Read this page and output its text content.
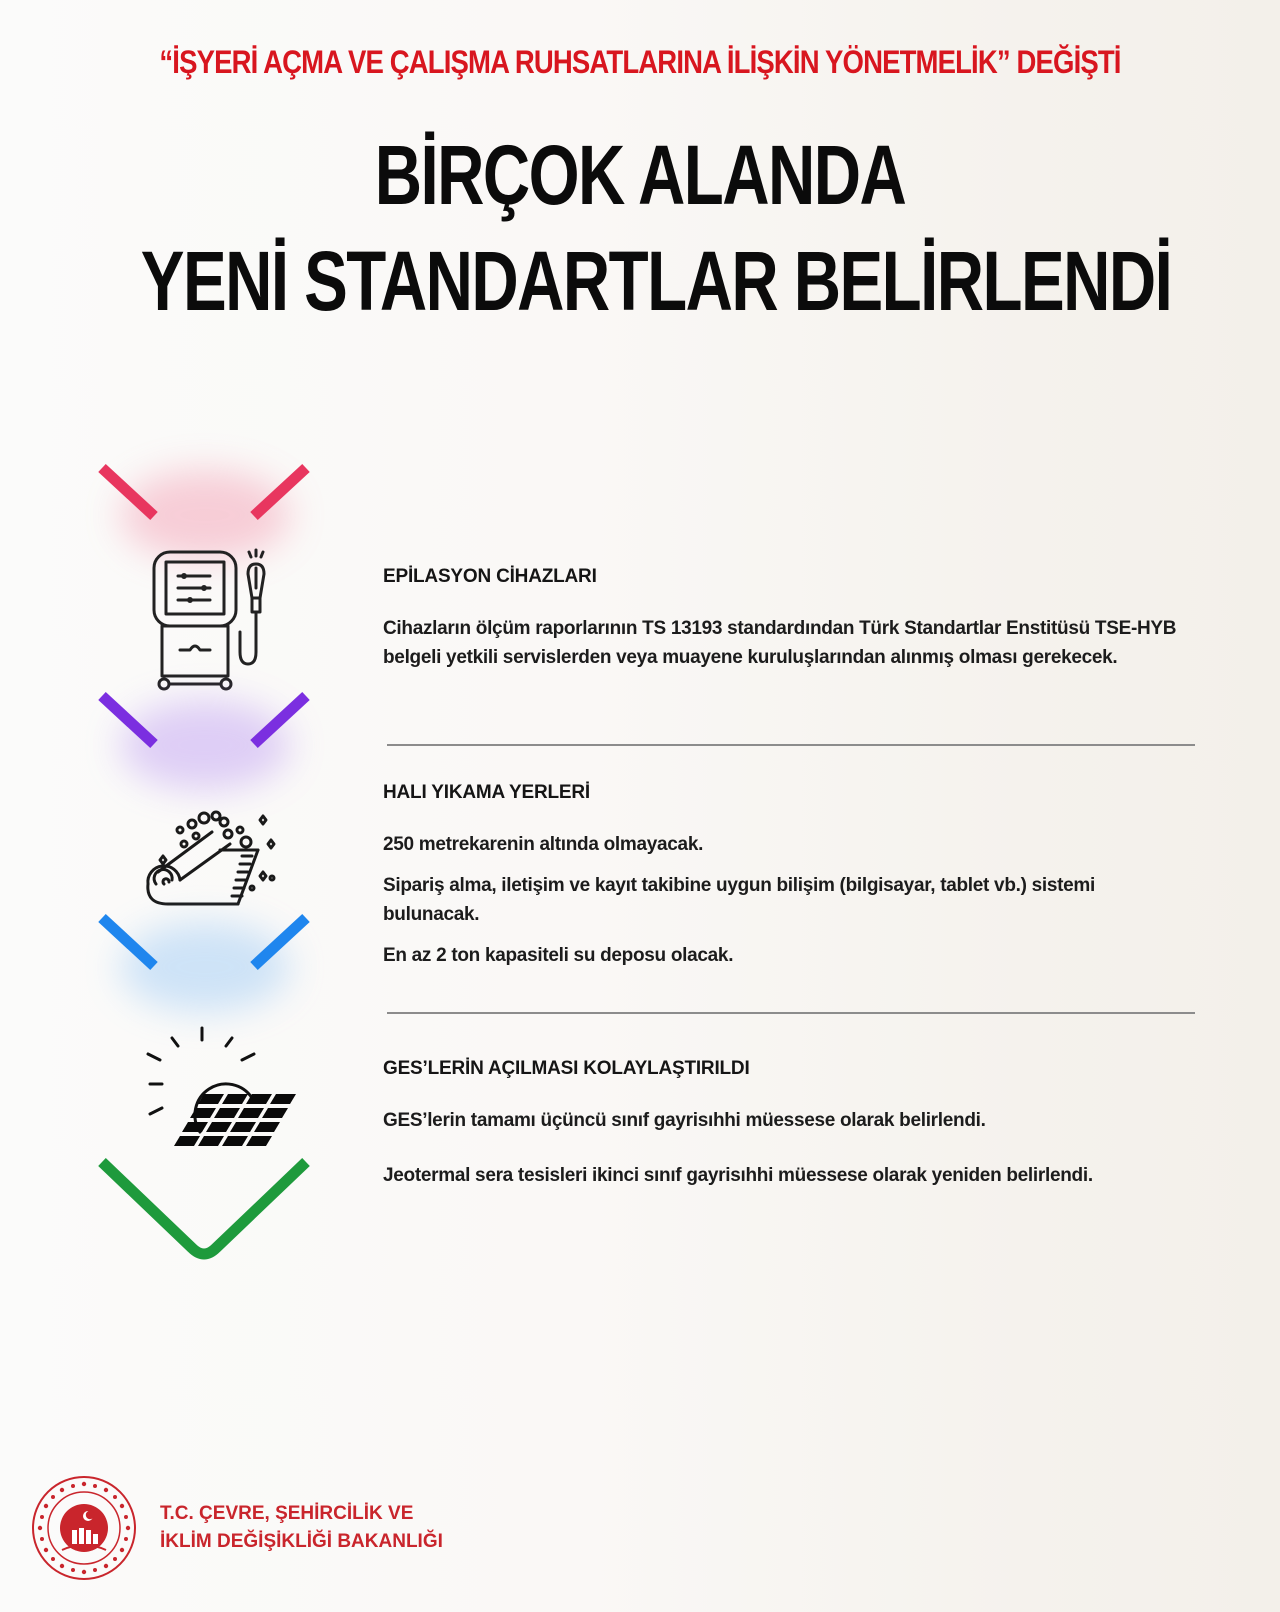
“İŞYERİ AÇMA VE ÇALIŞMA RUHSATLARINA İLİŞKİN YÖNETMELİK” DEĞİŞTİ
BİRÇOK ALANDA
YENİ STANDARTLAR BELİRLENDİ
EPİLASYON CİHAZLARI
Cihazların ölçüm raporlarının TS 13193 standardından Türk Standartlar Enstitüsü TSE-HYB belgeli yetkili servislerden veya muayene kuruluşlarından alınmış olması gerekecek.
HALI YIKAMA YERLERİ
250 metrekarenin altında olmayacak.
Sipariş alma, iletişim ve kayıt takibine uygun bilişim (bilgisayar, tablet vb.) sistemi bulunacak.
En az 2 ton kapasiteli su deposu olacak.
GES’LERİN AÇILMASI KOLAYLAŞTIRILDI
GES’lerin tamamı üçüncü sınıf gayrisıhhi müessese olarak belirlendi.
Jeotermal sera tesisleri ikinci sınıf gayrisıhhi müessese olarak yeniden belirlendi.
T.C. ÇEVRE, ŞEHİRCİLİK VE
İKLİM DEĞİŞİKLİĞİ BAKANLIĞI
